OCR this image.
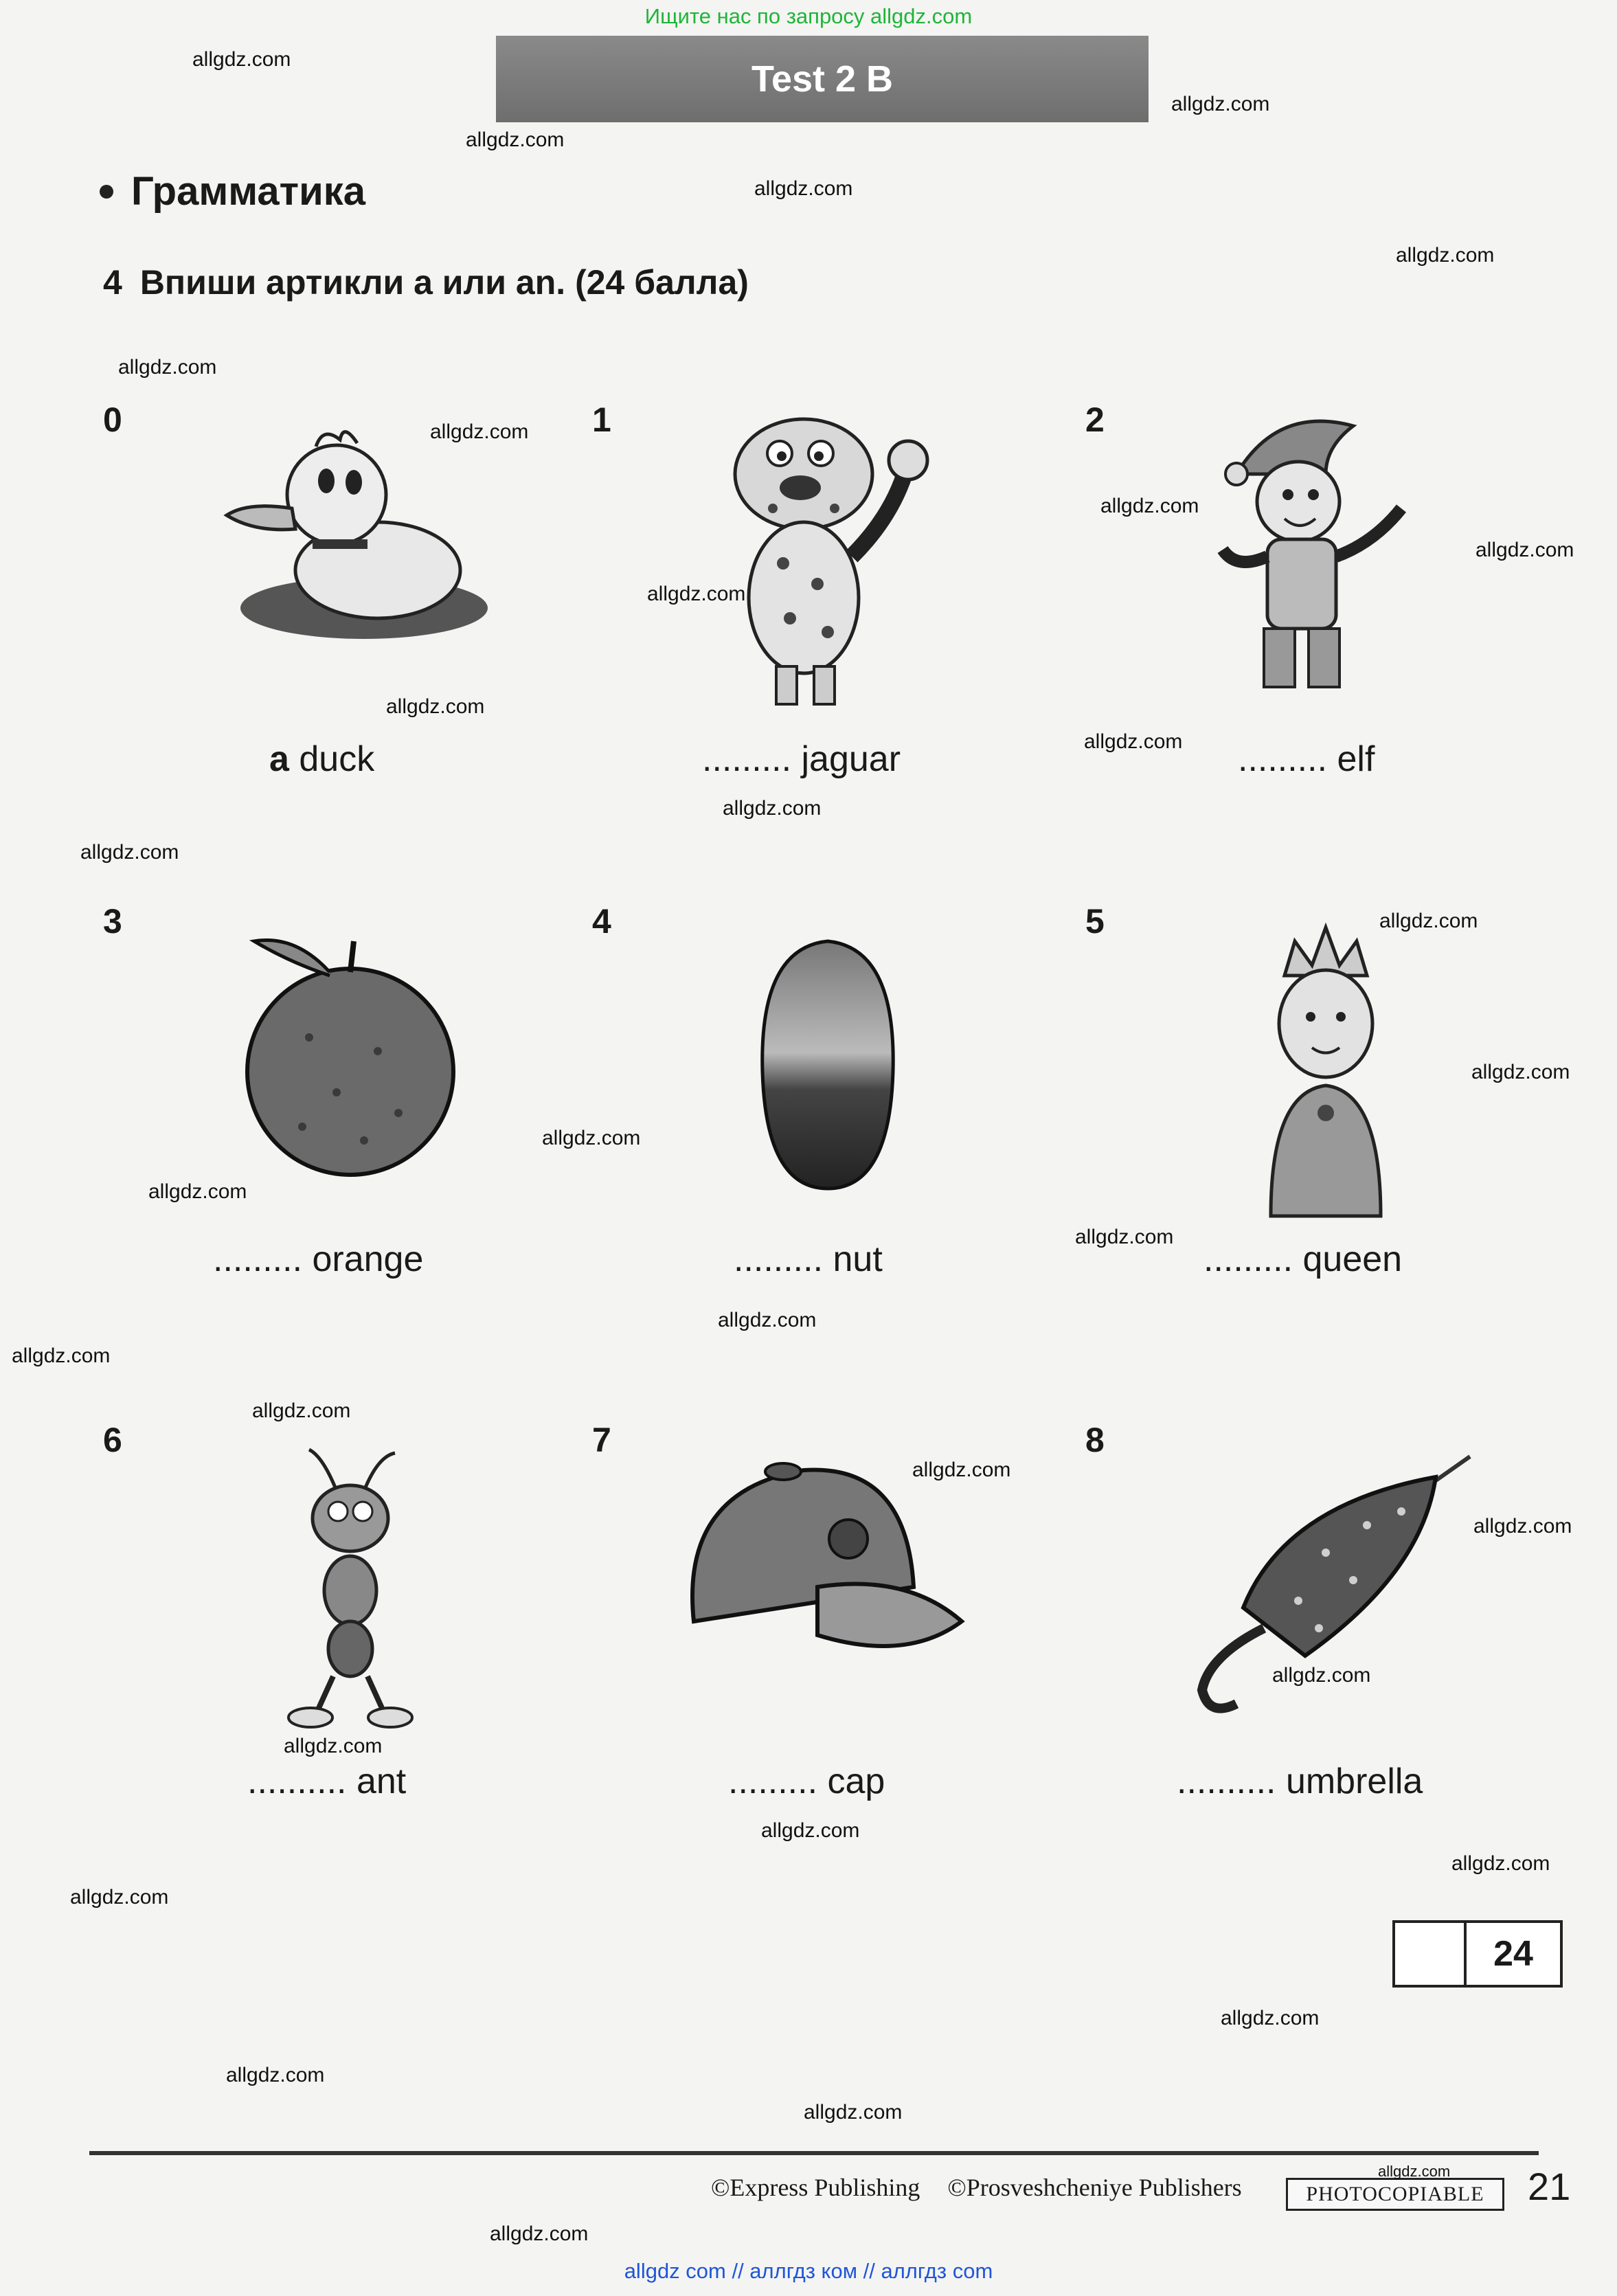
Ищите нас по запросу allgdz.com
Test 2 B
Грамматика
4 Впиши артикли a или an. (24 балла)
0	1	2
3	4	5
6	7	8
a duck	......... jaguar	......... elf
......... orange	......... nut	......... queen
.......... ant	......... cap	.......... umbrella
24
©Express Publishing ©Prosveshcheniye Publishers	PHOTOCOPIABLE	21
allgdz.com
allgdz.com
allgdz.com
allgdz.com
allgdz.com
allgdz.com
allgdz.com
allgdz.com
allgdz.com
allgdz.com
allgdz.com
allgdz.com
allgdz.com
allgdz.com
allgdz.com
allgdz.com
allgdz.com
allgdz.com
allgdz.com
allgdz.com
allgdz.com
allgdz.com
allgdz.com
allgdz.com
allgdz.com
allgdz.com
allgdz.com
allgdz.com
allgdz.com
allgdz.com
allgdz.com
allgdz.com
allgdz.com
allgdz.com
allgdz com // аллгдз ком // аллгдз com
